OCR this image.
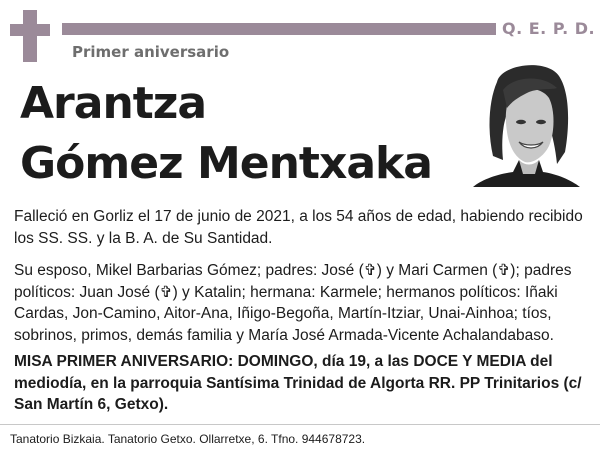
Q. E. P. D.
Primer aniversario
Arantza
Gómez Mentxaka
Falleció en Gorliz el 17 de junio de 2021, a los 54 años de edad, habiendo recibido los SS. SS. y la B. A. de Su Santidad.
Su esposo, Mikel Barbarias Gómez; padres: José (✞) y Mari Carmen (✞); padres políticos: Juan José (✞) y Katalin; hermana: Karmele; hermanos políticos: Iñaki Cardas, Jon-Camino, Aitor-Ana, Iñigo-Begoña, Martín-Itziar, Unai-Ainhoa; tíos, sobrinos, primos, demás familia y María José Armada-Vicente Achalandabaso.
MISA PRIMER ANIVERSARIO: DOMINGO, día 19, a las DOCE Y MEDIA del mediodía, en la parroquia Santísima Trinidad de Algorta RR. PP Trinitarios (c/ San Martín 6, Getxo).
Tanatorio Bizkaia. Tanatorio Getxo. Ollarretxe, 6. Tfno. 944678723.
